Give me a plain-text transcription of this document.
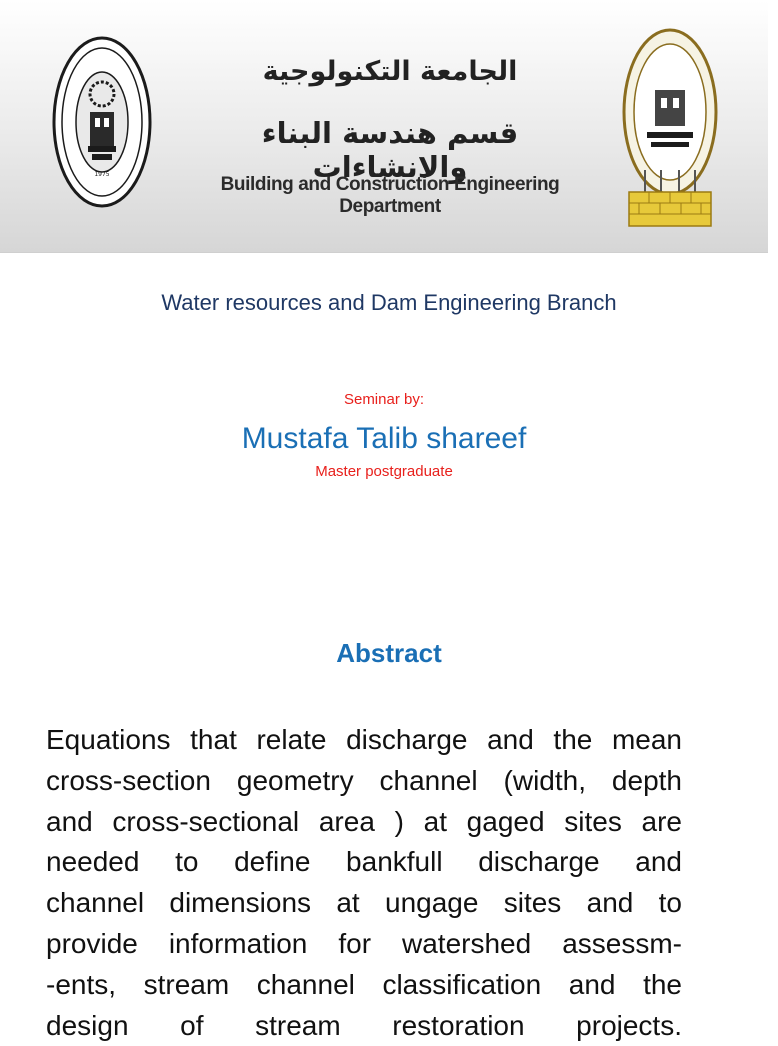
1975
الجامعة التكنولوجية
قسم هندسة البناء والانشاءات
Building and Construction Engineering Department
Water resources and Dam Engineering Branch
Seminar by:
Mustafa Talib shareef
Master postgraduate
Abstract
Equations that relate discharge and the mean
cross-section geometry channel (width, depth
and cross-sectional area ) at gaged sites are
needed to define bankfull discharge and
channel dimensions at ungage sites and to
provide information for watershed assessm-
-ents, stream channel classification and the
design of stream restoration projects.
